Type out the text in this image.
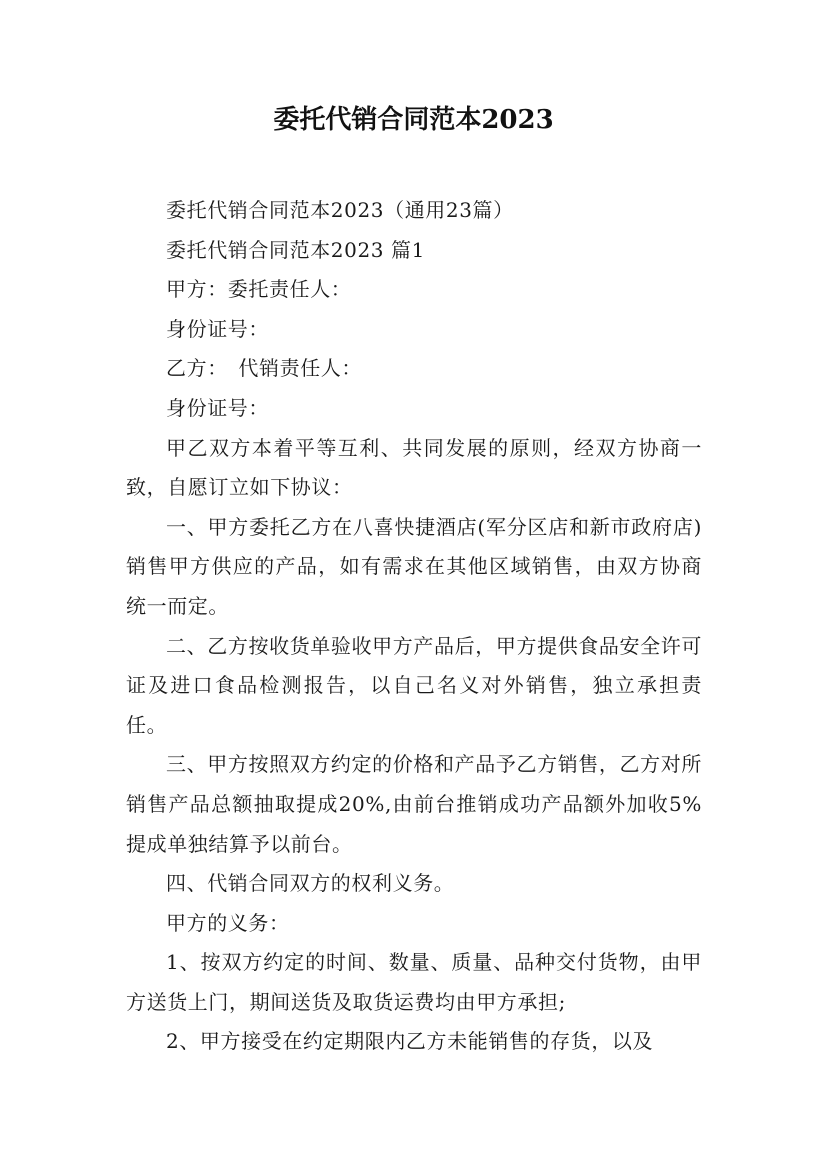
委托代销合同范本2023

委托代销合同范本2023（通用23篇）

委托代销合同范本2023 篇1

甲方：委托责任人：

身份证号：

乙方：　代销责任人：

身份证号：

甲乙双方本着平等互利、共同发展的原则，经双方协商一致，自愿订立如下协议：

一、甲方委托乙方在八喜快捷酒店(军分区店和新市政府店)销售甲方供应的产品，如有需求在其他区域销售，由双方协商统一而定。

二、乙方按收货单验收甲方产品后，甲方提供食品安全许可证及进口食品检测报告，以自己名义对外销售，独立承担责任。

三、甲方按照双方约定的价格和产品予乙方销售，乙方对所销售产品总额抽取提成20%,由前台推销成功产品额外加收5%提成单独结算予以前台。

四、代销合同双方的权利义务。

甲方的义务：

1、按双方约定的时间、数量、质量、品种交付货物，由甲方送货上门，期间送货及取货运费均由甲方承担;

2、甲方接受在约定期限内乙方未能销售的存货，以及
